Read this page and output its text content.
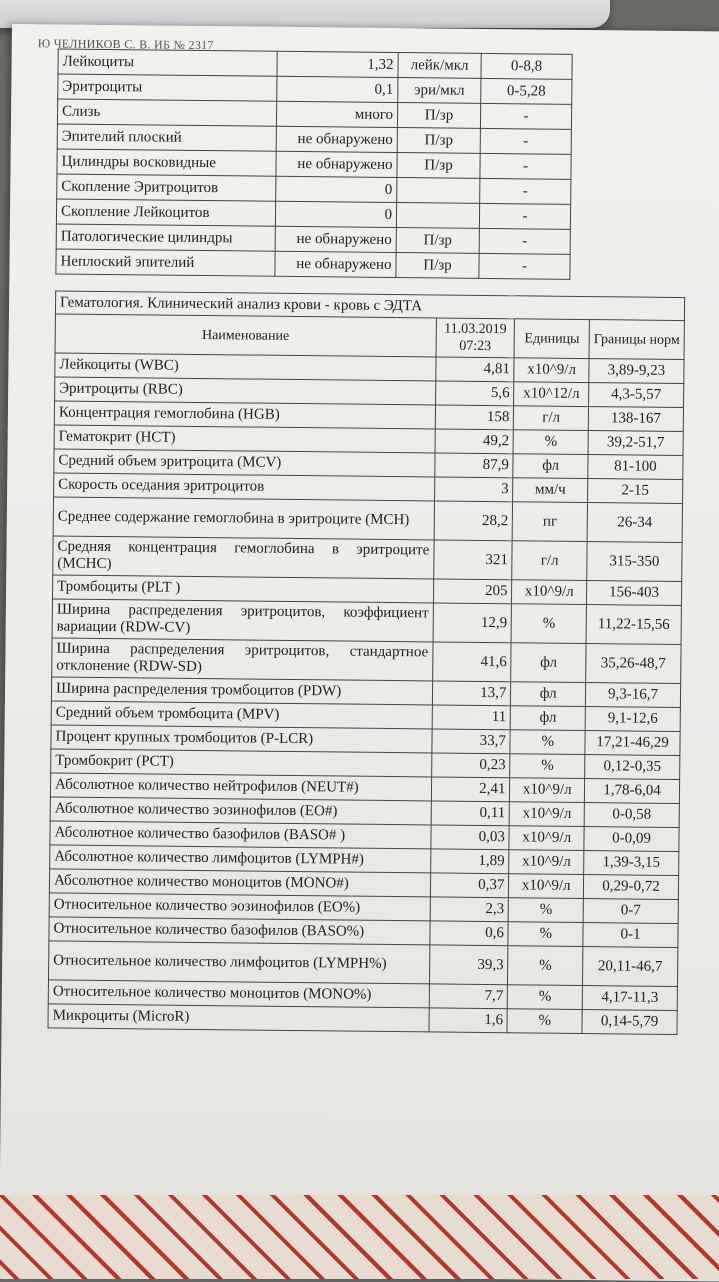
Ю ЧЕЛНИКОВ С. В. ИБ № 2317
Лейкоциты	1,32	лейк/мкл	0-8,8
Эритроциты	0,1	эри/мкл	0-5,28
Слизь	много	П/зр	-
Эпителий плоский	не обнаружено	П/зр	-
Цилиндры восковидные	не обнаружено	П/зр	-
Скопление Эритроцитов	0		-
Скопление Лейкоцитов	0		-
Патологические цилиндры	не обнаружено	П/зр	-
Неплоский эпителий	не обнаружено	П/зр	-
Гематология. Клинический анализ крови - кровь с ЭДТА			
Наименование	11.03.2019 07:23	Единицы	Границы норм
Лейкоциты (WBC)	4,81	x10^9/л	3,89-9,23
Эритроциты (RBC)	5,6	x10^12/л	4,3-5,57
Концентрация гемоглобина (HGB)	158	г/л	138-167
Гематокрит (HCT)	49,2	%	39,2-51,7
Средний объем эритроцита (MCV)	87,9	фл	81-100
Скорость оседания эритроцитов	3	мм/ч	2-15
Среднее содержание гемоглобина в эритроците (MCH)	28,2	пг	26-34
Средняя концентрация гемоглобина в эритроците (MCHC)	321	г/л	315-350
Тромбоциты (PLT )	205	x10^9/л	156-403
Ширина распределения эритроцитов, коэффициент вариации (RDW-CV)	12,9	%	11,22-15,56
Ширина распределения эритроцитов, стандартное отклонение (RDW-SD)	41,6	фл	35,26-48,7
Ширина распределения тромбоцитов (PDW)	13,7	фл	9,3-16,7
Средний объем тромбоцита (MPV)	11	фл	9,1-12,6
Процент крупных тромбоцитов (P-LCR)	33,7	%	17,21-46,29
Тромбокрит (PCT)	0,23	%	0,12-0,35
Абсолютное количество нейтрофилов (NEUT#)	2,41	x10^9/л	1,78-6,04
Абсолютное количество эозинофилов (EO#)	0,11	x10^9/л	0-0,58
Абсолютное количество базофилов (BASO# )	0,03	x10^9/л	0-0,09
Абсолютное количество лимфоцитов (LYMPH#)	1,89	x10^9/л	1,39-3,15
Абсолютное количество моноцитов (MONO#)	0,37	x10^9/л	0,29-0,72
Относительное количество эозинофилов (EO%)	2,3	%	0-7
Относительное количество базофилов (BASO%)	0,6	%	0-1
Относительное количество лимфоцитов (LYMPH%)	39,3	%	20,11-46,7
Относительное количество моноцитов (MONO%)	7,7	%	4,17-11,3
Микроциты (MicroR)	1,6	%	0,14-5,79
